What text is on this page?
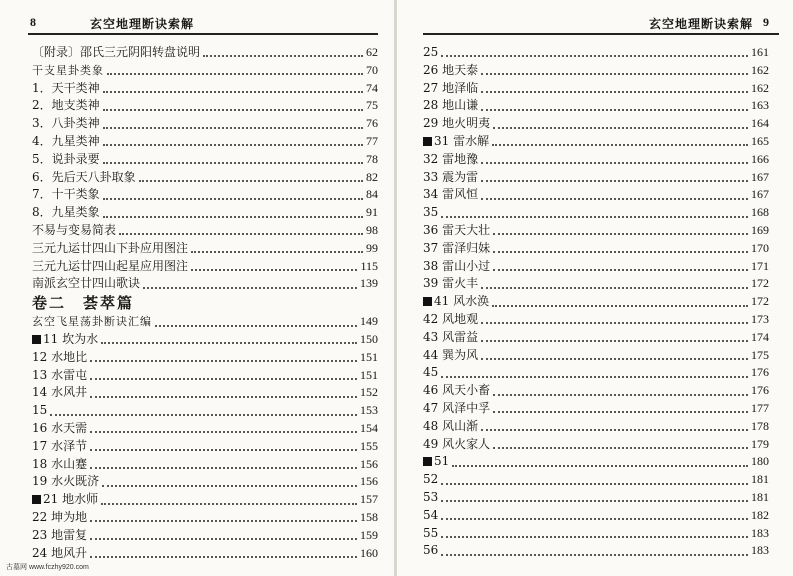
8	玄空地理断诀索解
〔附录〕邵氏三元阴阳转盘说明	62
干支星卦类象	70
1．天干类神	74
2．地支类神	75
3．八卦类神	76
4．九星类神	77
5．说卦录要	78
6．先后天八卦取象	82
7．十干类象	84
8．九星类象	91
不易与变易简表	98
三元九运廿四山下卦应用图注	99
三元九运廿四山起星应用图注	115
南派玄空廿四山歌诀	139
卷二　荟萃篇
玄空飞星荡卦断诀汇编	149
11 坎为水	150
12 水地比	151
13 水雷屯	151
14 水风井	152
15	153
16 水天需	154
17 水泽节	155
18 水山蹇	156
19 水火既济	156
21 地水师	157
22 坤为地	158
23 地雷复	159
24 地风升	160
玄空地理断诀索解 9
25	161
26 地天泰	162
27 地泽临	162
28 地山谦	163
29 地火明夷	164
31 雷水解	165
32 雷地豫	166
33 震为雷	167
34 雷风恒	167
35	168
36 雷天大壮	169
37 雷泽归妹	170
38 雷山小过	171
39 雷火丰	172
41 风水涣	172
42 风地观	173
43 风雷益	174
44 巽为风	175
45	176
46 风天小畜	176
47 风泽中孚	177
48 风山渐	178
49 风火家人	179
51	180
52	181
53	181
54	182
55	183
56	183
古墓网 www.fczhy920.com
